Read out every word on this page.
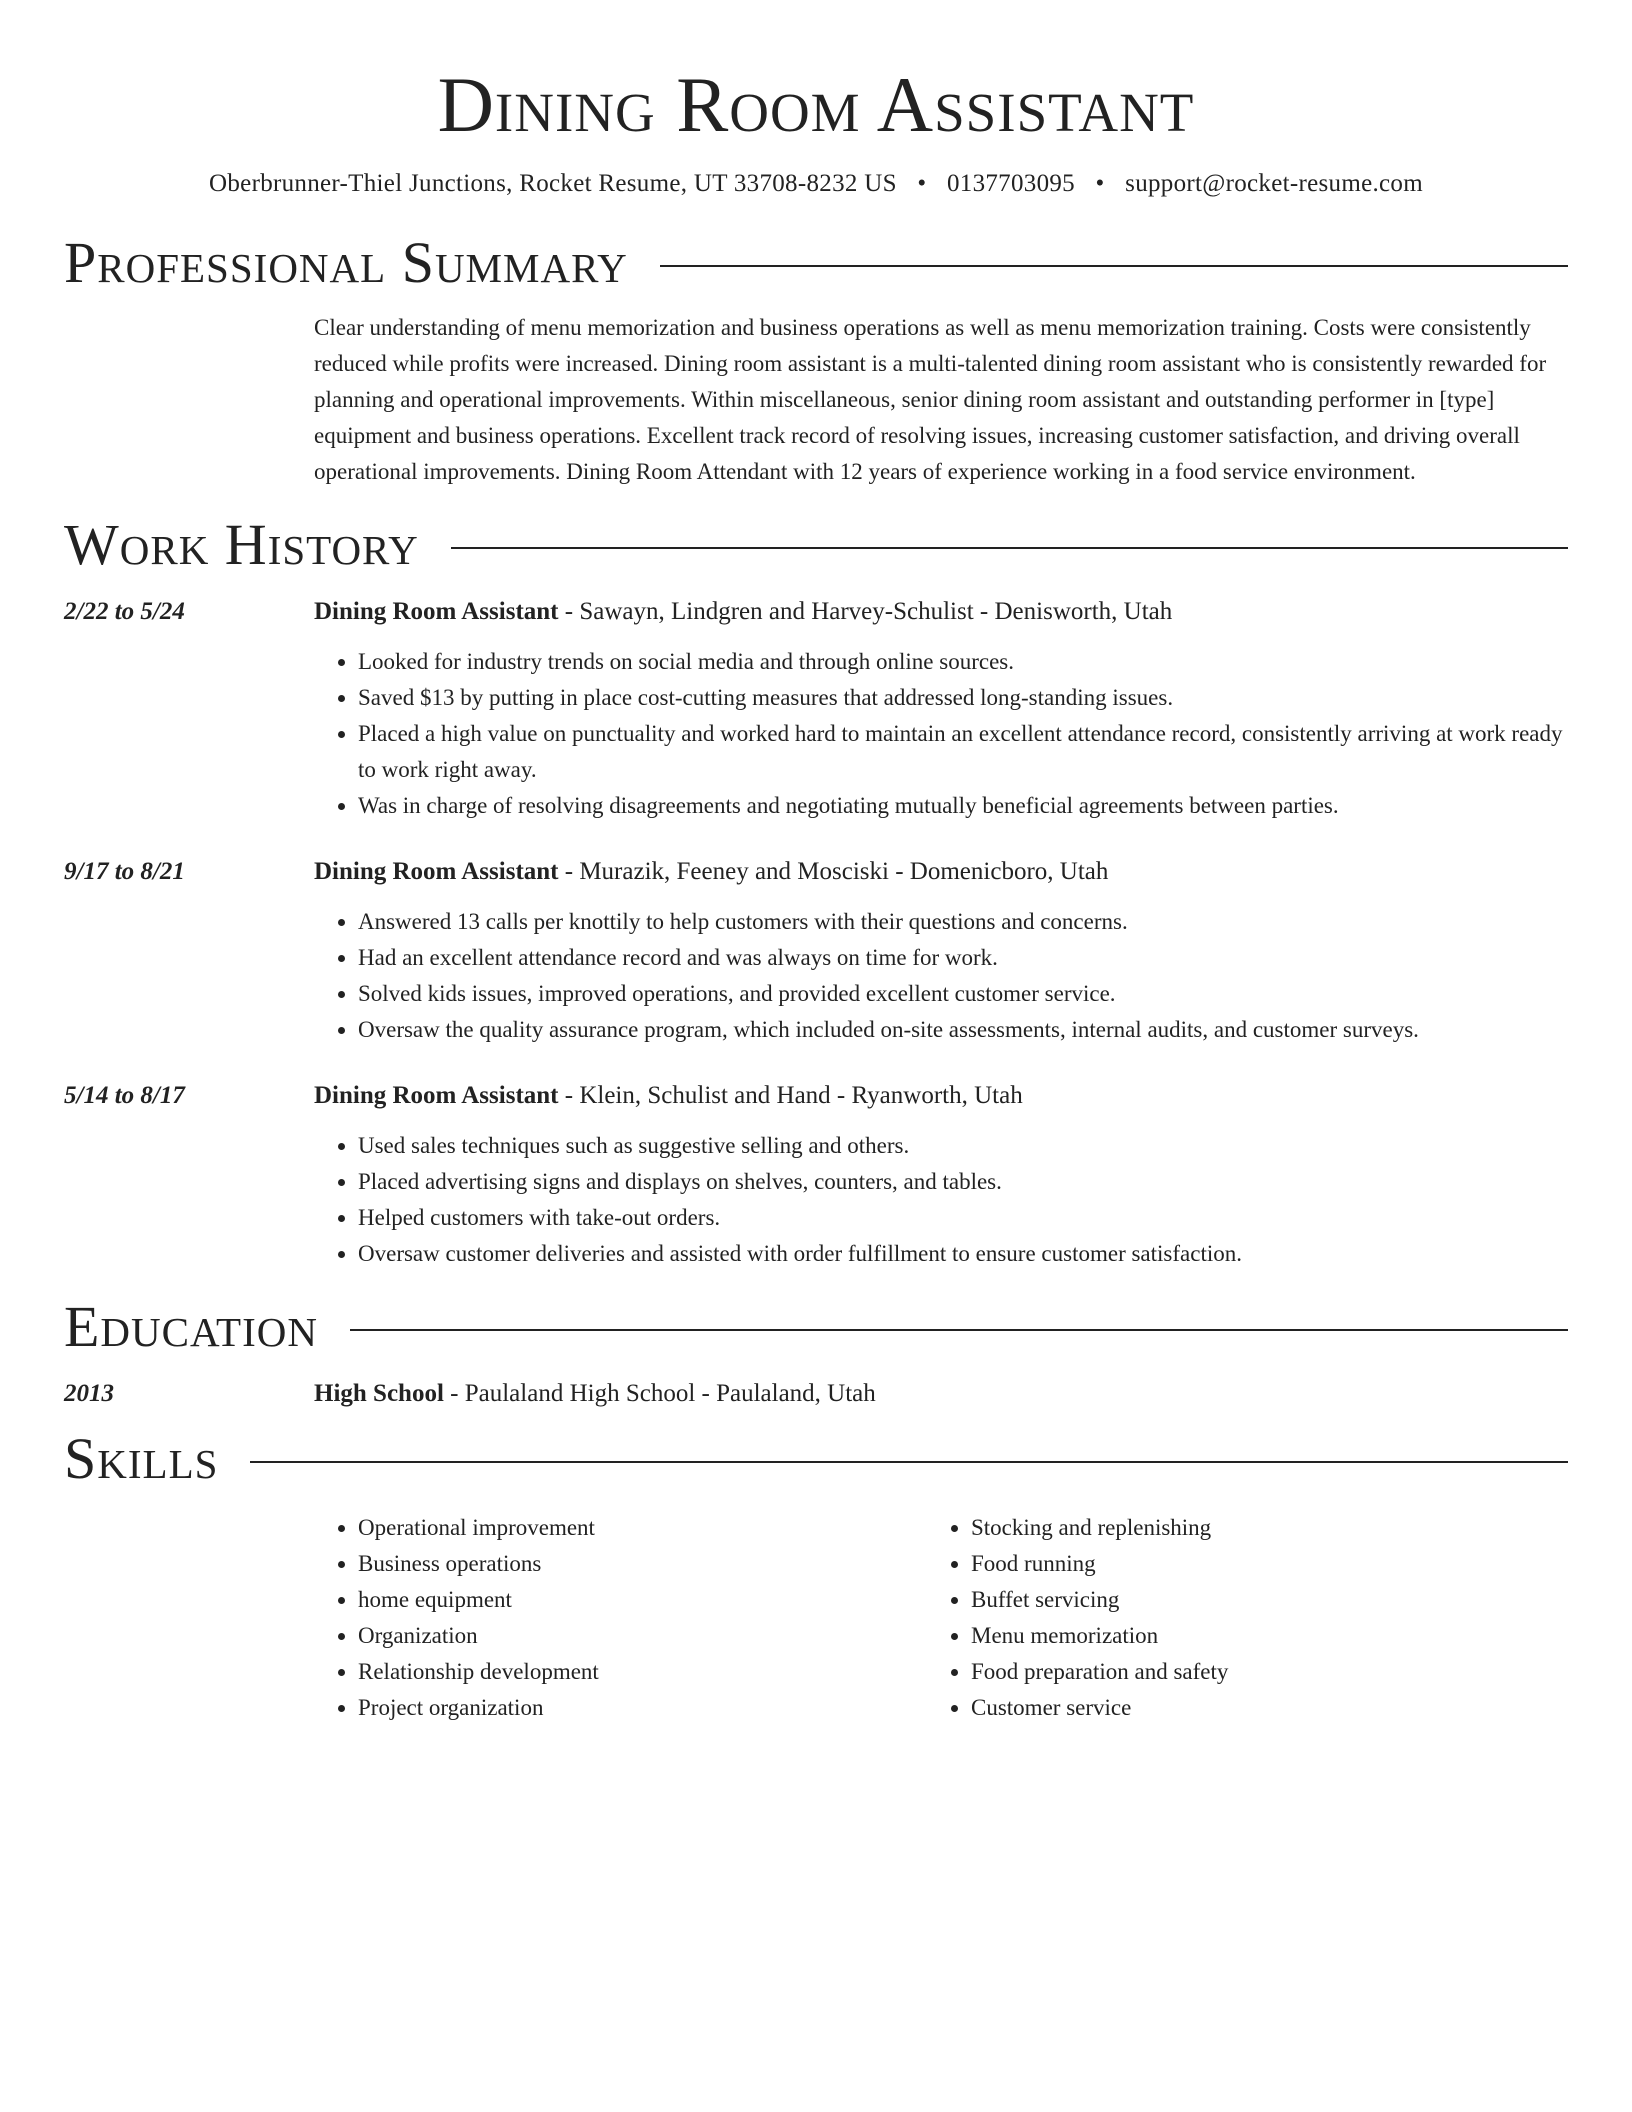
Dining Room Assistant
Oberbrunner-Thiel Junctions, Rocket Resume, UT 33708-8232 US • 0137703095 • support@rocket-resume.com
Professional Summary
Clear understanding of menu memorization and business operations as well as menu memorization training. Costs were consistently reduced while profits were increased. Dining room assistant is a multi-talented dining room assistant who is consistently rewarded for planning and operational improvements. Within miscellaneous, senior dining room assistant and outstanding performer in [type] equipment and business operations. Excellent track record of resolving issues, increasing customer satisfaction, and driving overall operational improvements. Dining Room Attendant with 12 years of experience working in a food service environment.
Work History
2/22 to 5/24	Dining Room Assistant - Sawayn, Lindgren and Harvey-Schulist - Denisworth, Utah
• Looked for industry trends on social media and through online sources.
• Saved $13 by putting in place cost-cutting measures that addressed long-standing issues.
• Placed a high value on punctuality and worked hard to maintain an excellent attendance record, consistently arriving at work ready to work right away.
• Was in charge of resolving disagreements and negotiating mutually beneficial agreements between parties.
9/17 to 8/21	Dining Room Assistant - Murazik, Feeney and Mosciski - Domenicboro, Utah
• Answered 13 calls per knottily to help customers with their questions and concerns.
• Had an excellent attendance record and was always on time for work.
• Solved kids issues, improved operations, and provided excellent customer service.
• Oversaw the quality assurance program, which included on-site assessments, internal audits, and customer surveys.
5/14 to 8/17	Dining Room Assistant - Klein, Schulist and Hand - Ryanworth, Utah
• Used sales techniques such as suggestive selling and others.
• Placed advertising signs and displays on shelves, counters, and tables.
• Helped customers with take-out orders.
• Oversaw customer deliveries and assisted with order fulfillment to ensure customer satisfaction.
Education
2013	High School - Paulaland High School - Paulaland, Utah
Skills
• Operational improvement
• Business operations
• home equipment
• Organization
• Relationship development
• Project organization
• Stocking and replenishing
• Food running
• Buffet servicing
• Menu memorization
• Food preparation and safety
• Customer service
